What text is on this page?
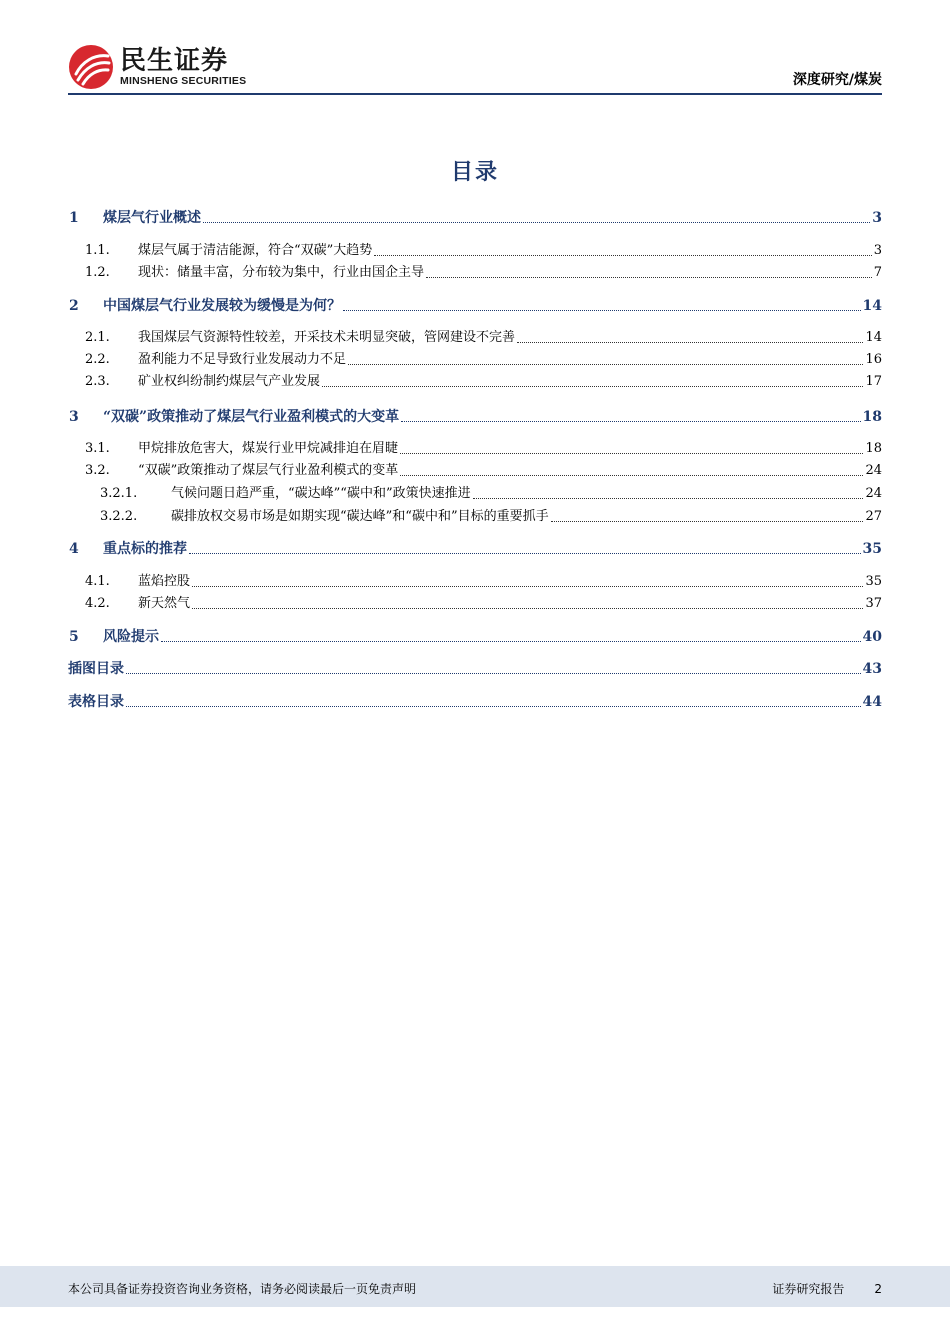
民生证券
MINSHENG SECURITIES	深度研究/煤炭
目录
1	煤层气行业概述	3
1.1.	煤层气属于清洁能源，符合“双碳”大趋势	3
1.2.	现状：储量丰富，分布较为集中，行业由国企主导	7
2	中国煤层气行业发展较为缓慢是为何？	14
2.1.	我国煤层气资源特性较差，开采技术未明显突破，管网建设不完善	14
2.2.	盈利能力不足导致行业发展动力不足	16
2.3.	矿业权纠纷制约煤层气产业发展	17
3	“双碳”政策推动了煤层气行业盈利模式的大变革	18
3.1.	甲烷排放危害大，煤炭行业甲烷减排迫在眉睫	18
3.2.	“双碳”政策推动了煤层气行业盈利模式的变革	24
3.2.1.	气候问题日趋严重，“碳达峰”“碳中和”政策快速推进	24
3.2.2.	碳排放权交易市场是如期实现“碳达峰”和“碳中和”目标的重要抓手	27
4	重点标的推荐	35
4.1.	蓝焰控股	35
4.2.	新天然气	37
5	风险提示	40
插图目录	43
表格目录	44
本公司具备证券投资咨询业务资格，请务必阅读最后一页免责声明	证券研究报告	2
